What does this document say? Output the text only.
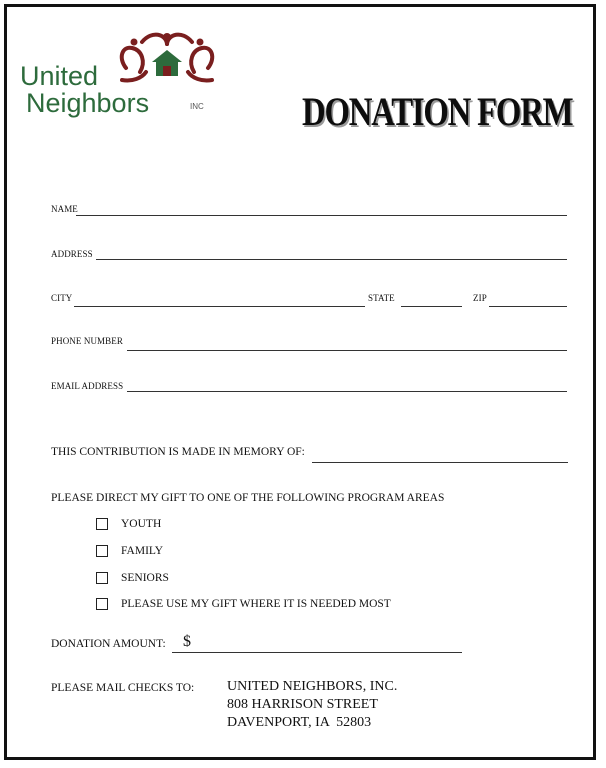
United
Neighbors	INC DONATION FORM
NAME
ADDRESS
CITY	STATE	ZIP
PHONE NUMBER
EMAIL ADDRESS
THIS CONTRIBUTION IS MADE IN MEMORY OF:
PLEASE DIRECT MY GIFT TO ONE OF THE FOLLOWING PROGRAM AREAS
YOUTH
FAMILY
SENIORS
PLEASE USE MY GIFT WHERE IT IS NEEDED MOST
DONATION AMOUNT: $
PLEASE MAIL CHECKS TO: UNITED NEIGHBORS, INC.
808 HARRISON STREET
DAVENPORT, IA  52803
